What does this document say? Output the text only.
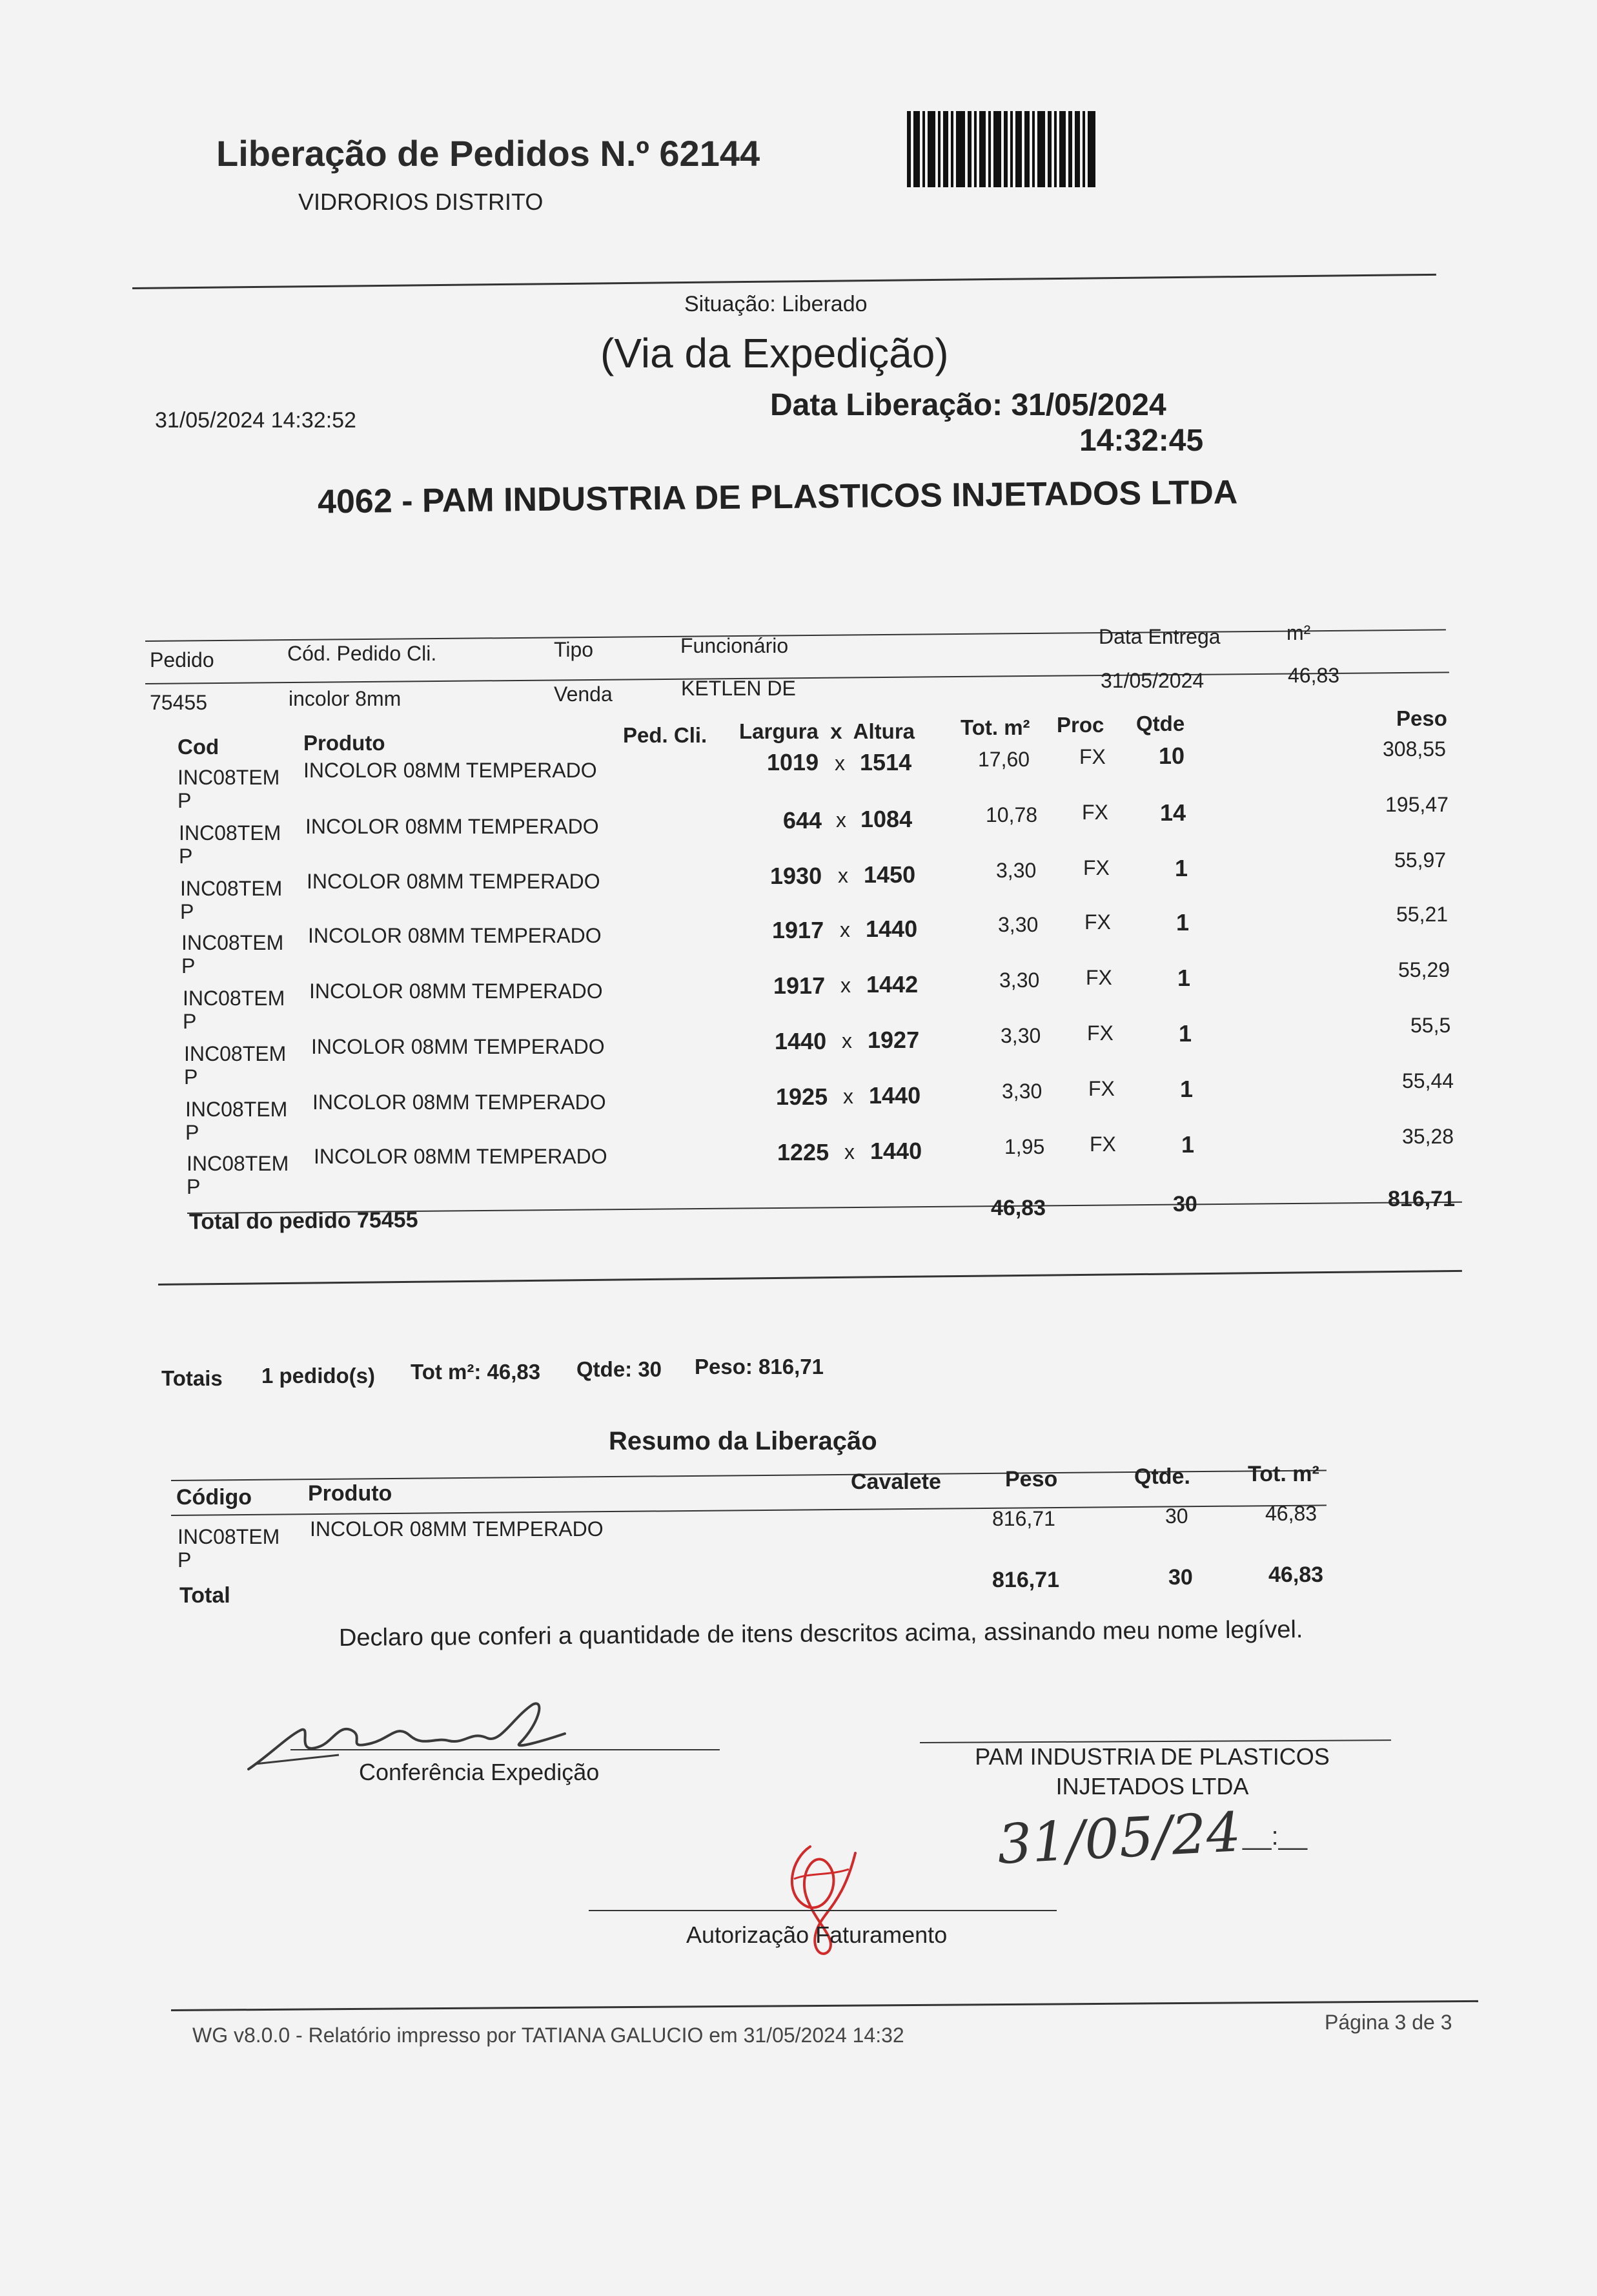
Liberação de Pedidos N.º 62144
VIDRORIOS DISTRITO
Situação: Liberado
(Via da Expedição)
31/05/2024 14:32:52	Data Liberação: 31/05/2024
14:32:45
4062 - PAM INDUSTRIA DE PLASTICOS INJETADOS LTDA
Pedido	Cód. Pedido Cli.	Tipo	Funcionário	Data Entrega	m²
75455	incolor 8mm	Venda	KETLEN DE	31/05/2024	46,83
Cod	Produto	Ped. Cli. Largura  x  Altura Tot. m² Proc Qtde	Peso
INC08TEM
P
INCOLOR 08MM TEMPERADO	1019 x 1514	17,60 FX 10	308,55
INC08TEM
P
INCOLOR 08MM TEMPERADO	644 x 1084	10,78 FX 14	195,47
INC08TEM
P
INCOLOR 08MM TEMPERADO	1930 x 1450	3,30 FX	1	55,97
INC08TEM
P
INCOLOR 08MM TEMPERADO	1917 x 1440	3,30 FX	1	55,21
INC08TEM
P
INCOLOR 08MM TEMPERADO	1917 x 1442	3,30 FX	1	55,29
INC08TEM
P
INCOLOR 08MM TEMPERADO	1440 x 1927	3,30 FX	1	55,5
INC08TEM
P
INCOLOR 08MM TEMPERADO	1925 x 1440	3,30 FX	1	55,44
INC08TEM
P
INCOLOR 08MM TEMPERADO	1225 x 1440	1,95 FX	1	35,28
Total do pedido 75455	46,83	30	816,71
Totais 1 pedido(s) Tot m²: 46,83 Qtde: 30 Peso: 816,71
Resumo da Liberação
Código	Produto	Cavalete	Peso	Qtde.	Tot. m²
INC08TEM
P
INCOLOR 08MM TEMPERADO	816,71	30	46,83
Total
816,71	30	46,83
Declaro que conferi a quantidade de itens descritos acima, assinando meu nome legível.
Conferência Expedição
PAM INDUSTRIA DE PLASTICOS
INJETADOS LTDA
31/05/24 __:__
Autorização Faturamento
WG v8.0.0 - Relatório impresso por TATIANA GALUCIO em 31/05/2024 14:32
Página 3 de 3
